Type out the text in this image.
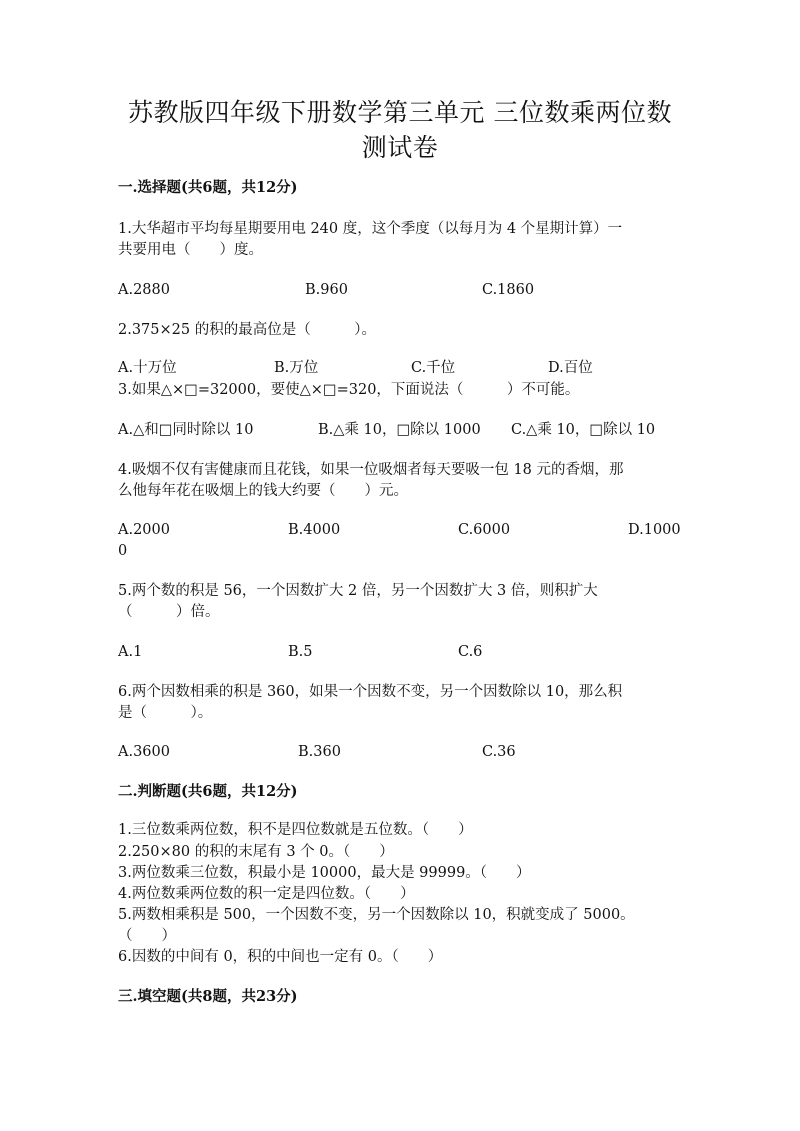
苏教版四年级下册数学第三单元 三位数乘两位数
测试卷
一.选择题(共6题，共12分)
1.大华超市平均每星期要用电 240 度，这个季度（以每月为 4 个星期计算）一
共要用电（　　）度。
A.2880	B.960	C.1860
2.375×25 的积的最高位是（　　　）。
A.十万位	B.万位	C.千位	D.百位
3.如果△×□=32000，要使△×□=320，下面说法（　　　）不可能。
A.△和□同时除以 10	B.△乘 10，□除以 1000 C.△乘 10，□除以 10
4.吸烟不仅有害健康而且花钱，如果一位吸烟者每天要吸一包 18 元的香烟，那
么他每年花在吸烟上的钱大约要（　　）元。
A.2000	B.4000	C.6000	D.1000
0
5.两个数的积是 56，一个因数扩大 2 倍，另一个因数扩大 3 倍，则积扩大
（　　　）倍。
A.1	B.5	C.6
6.两个因数相乘的积是 360，如果一个因数不变，另一个因数除以 10，那么积
是（　　　）。
A.3600	B.360	C.36
二.判断题(共6题，共12分)
1.三位数乘两位数，积不是四位数就是五位数。（　　）
2.250×80 的积的末尾有 3 个 0。（　　）
3.两位数乘三位数，积最小是 10000，最大是 99999。（　　）
4.两位数乘两位数的积一定是四位数。（　　）
5.两数相乘积是 500，一个因数不变，另一个因数除以 10，积就变成了 5000。
（　　）
6.因数的中间有 0，积的中间也一定有 0。（　　）
三.填空题(共8题，共23分)
